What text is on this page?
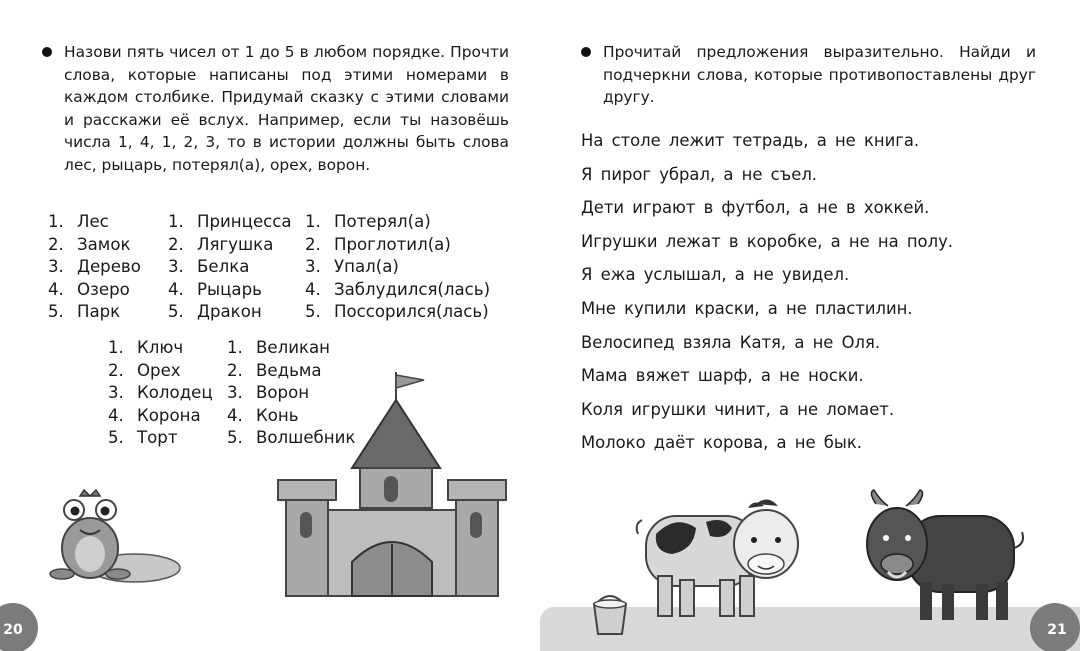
Назови пять чисел от 1 до 5 в любом порядке. Прочти слова, которые написаны под этими номерами в каждом столбике. Придумай сказку с этими словами и расскажи её вслух. Например, если ты назовёшь числа 1, 4, 1, 2, 3, то в истории должны быть слова лес, рыцарь, потерял(а), орех, ворон.
1. Лес
2. Замок
3. Дерево
4. Озеро
5. Парк
1. Принцесса
2. Лягушка
3. Белка
4. Рыцарь
5. Дракон
1. Потерял(а)
2. Проглотил(а)
3. Упал(а)
4. Заблудился(лась)
5. Поссорился(лась)
1. Ключ
2. Орех
3. Колодец
4. Корона
5. Торт
1. Великан
2. Ведьма
3. Ворон
4. Конь
5. Волшебник
20
Прочитай предложения выразительно. Найди и подчеркни слова, которые противопоставлены друг другу.
На столе лежит тетрадь, а не книга.
Я пирог убрал, а не съел.
Дети играют в футбол, а не в хоккей.
Игрушки лежат в коробке, а не на полу.
Я ежа услышал, а не увидел.
Мне купили краски, а не пластилин.
Велосипед взяла Катя, а не Оля.
Мама вяжет шарф, а не носки.
Коля игрушки чинит, а не ломает.
Молоко даёт корова, а не бык.
21
